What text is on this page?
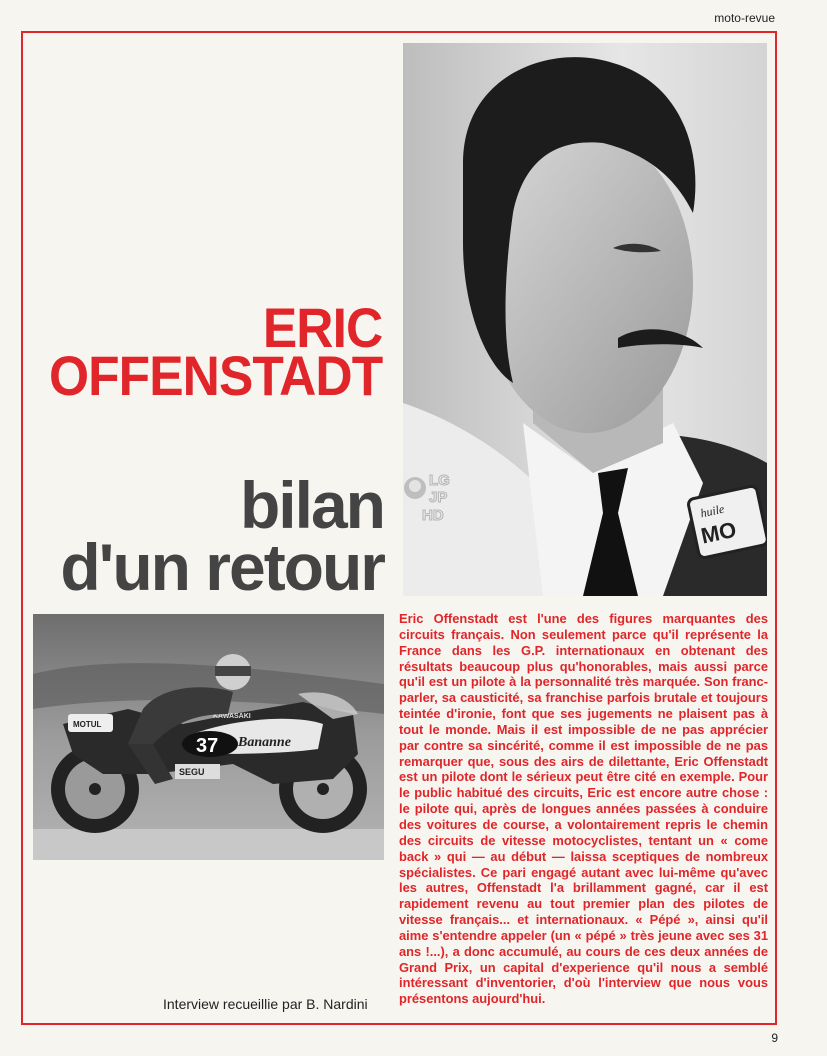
moto-revue
huile
MO
LG
JP
HD
ERIC
OFFENSTADT
bilan
d'un retour
MOTUL
KAWASAKI
37 Bananne
SEGU

Eric Offenstadt est l'une des figures marquantes des circuits français. Non seulement parce qu'il représente la France dans les G.P. internationaux en obtenant des résultats beaucoup plus qu'honorables, mais aussi parce qu'il est un pilote à la personnalité très marquée. Son franc-parler, sa causticité, sa franchise parfois brutale et toujours teintée d'ironie, font que ses jugements ne plaisent pas à tout le monde. Mais il est impossible de ne pas apprécier par contre sa sincérité, comme il est impossible de ne pas remarquer que, sous des airs de dilettante, Eric Offenstadt est un pilote dont le sérieux peut être cité en exemple. Pour le public habitué des circuits, Eric est encore autre chose : le pilote qui, après de longues années passées à conduire des voitures de course, a volontairement repris le chemin des circuits de vitesse motocyclistes, tentant un « come back » qui — au début — laissa sceptiques de nombreux spécialistes. Ce pari engagé autant avec lui-même qu'avec les autres, Offenstadt l'a brillamment gagné, car il est rapidement revenu au tout premier plan des pilotes de vitesse français... et internationaux. « Pépé », ainsi qu'il aime s'entendre appeler (un « pépé » très jeune avec ses 31 ans !...), a donc accumulé, au cours de ces deux années de Grand Prix, un capital d'experience qu'il nous a semblé intéressant d'inventorier, d'où l'interview que nous vous présentons aujourd'hui.

Interview recueillie par B. Nardini
9
